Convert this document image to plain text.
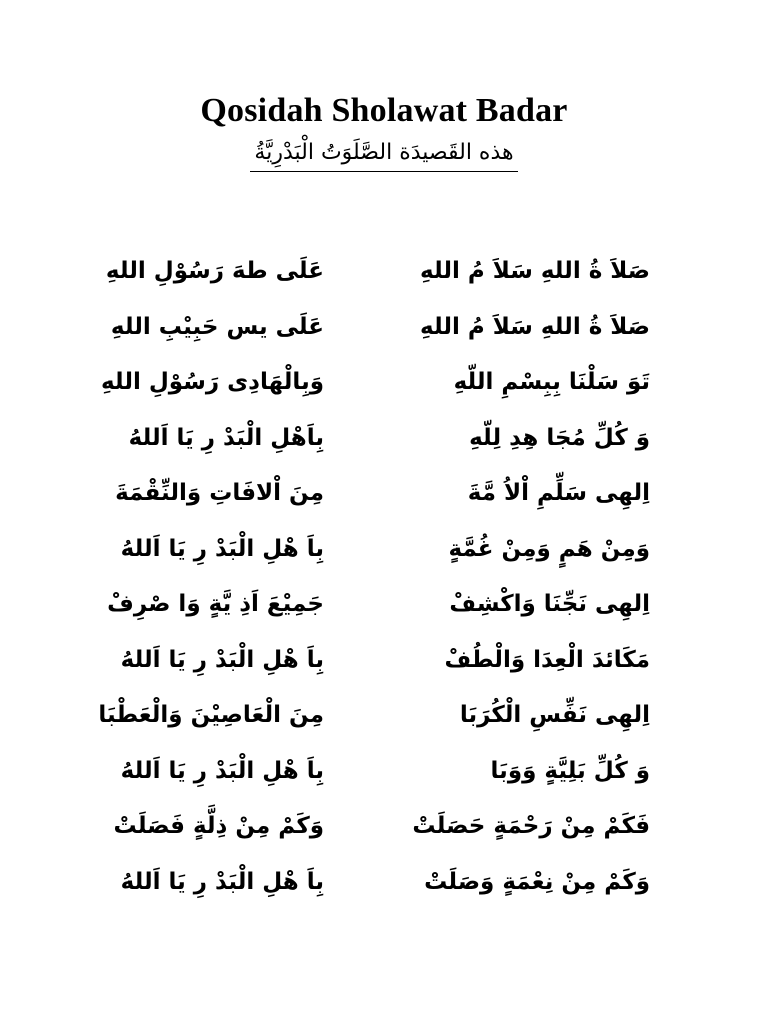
Qosidah Sholawat Badar
هذه القَصيدَة الصَّلَوَتُ الْبَدْرِيَّةُ
صَلاَ ةُ اللهِ سَلاَ مُ اللهِ
عَلَى طهَ رَسُوْلِ اللهِ
صَلاَ ةُ اللهِ سَلاَ مُ اللهِ
عَلَى يس حَبِيْبِ اللهِ
تَوَ سَلْنَا بِبِسْمِ اللّهِ
وَبِالْهَادِى رَسُوْلِ اللهِ
وَ كُلِّ مُجَا هِدِ لِلّهِ
بِاَهْلِ الْبَدْ رِ يَا اَللهُ
اِلهِى سَلِّمِ اْلاُ مَّةَ
مِنَ اْلافَاتِ وَالنِّقْمَةَ
وَمِنْ هَمٍ وَمِنْ غُمَّةٍ
بِاَ هْلِ الْبَدْ رِ يَا اَللهُ
اِلهِى نَجِّنَا وَاكْشِفْ
جَمِيْعَ اَذِ يَّةٍ وَا صْرِفْ
مَكَائدَ الْعِدَا وَالْطُفْ
بِاَ هْلِ الْبَدْ رِ يَا اَللهُ
اِلهِى نَفِّسِ الْكُرَبَا
مِنَ الْعَاصِيْنَ وَالْعَطْبَا
وَ كُلِّ بَلِيَّةٍ وَوَبَا
بِاَ هْلِ الْبَدْ رِ يَا اَللهُ
فَكَمْ مِنْ رَحْمَةٍ حَصَلَتْ
وَكَمْ مِنْ ذِلَّةٍ فَصَلَتْ
وَكَمْ مِنْ نِعْمَةٍ وَصَلَتْ
بِاَ هْلِ الْبَدْ رِ يَا اَللهُ
